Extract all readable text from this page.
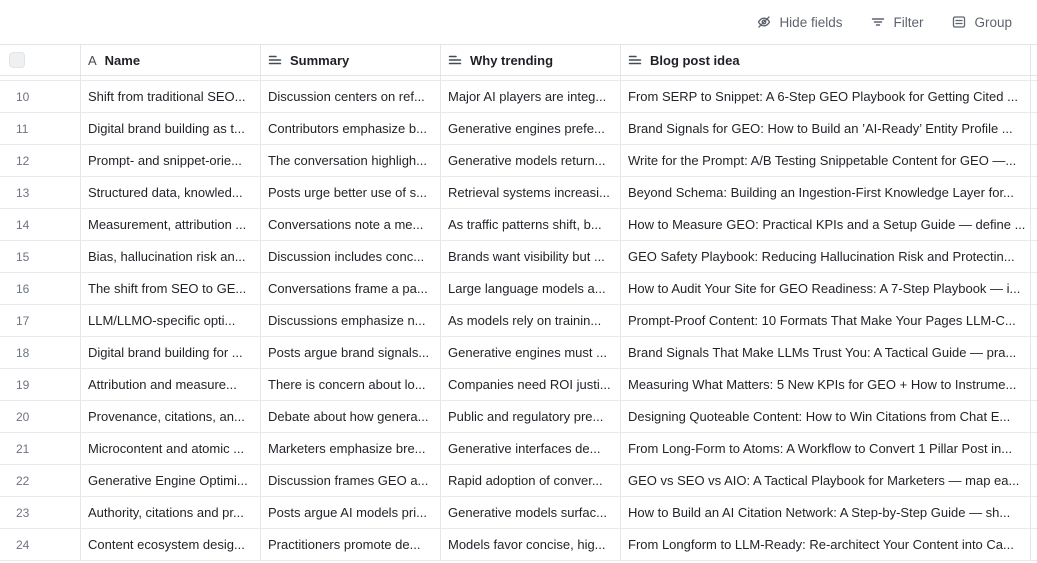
Hide fields	Filter	Group
A Name	Summary	Why trending	Blog post idea
10	Shift from traditional SEO...	Discussion centers on ref...	Major AI players are integ...	From SERP to Snippet: A 6-Step GEO Playbook for Getting Cited ...
11	Digital brand building as t...	Contributors emphasize b...	Generative engines prefe...	Brand Signals for GEO: How to Build an ’AI-Ready’ Entity Profile ...
12	Prompt- and snippet-orie...	The conversation highligh...	Generative models return...	Write for the Prompt: A/B Testing Snippetable Content for GEO —...
13	Structured data, knowled...	Posts urge better use of s...	Retrieval systems increasi...	Beyond Schema: Building an Ingestion-First Knowledge Layer for...
14	Measurement, attribution ...	Conversations note a me...	As traffic patterns shift, b...	How to Measure GEO: Practical KPIs and a Setup Guide — define ...
15	Bias, hallucination risk an...	Discussion includes conc...	Brands want visibility but ...	GEO Safety Playbook: Reducing Hallucination Risk and Protectin...
16	The shift from SEO to GE...	Conversations frame a pa...	Large language models a...	How to Audit Your Site for GEO Readiness: A 7-Step Playbook — i...
17	LLM/LLMO-specific opti...	Discussions emphasize n...	As models rely on trainin...	Prompt-Proof Content: 10 Formats That Make Your Pages LLM-C...
18	Digital brand building for ...	Posts argue brand signals...	Generative engines must ...	Brand Signals That Make LLMs Trust You: A Tactical Guide — pra...
19	Attribution and measure...	There is concern about lo...	Companies need ROI justi...	Measuring What Matters: 5 New KPIs for GEO + How to Instrume...
20	Provenance, citations, an...	Debate about how genera...	Public and regulatory pre...	Designing Quoteable Content: How to Win Citations from Chat E...
21	Microcontent and atomic ...	Marketers emphasize bre...	Generative interfaces de...	From Long-Form to Atoms: A Workflow to Convert 1 Pillar Post in...
22	Generative Engine Optimi...	Discussion frames GEO a...	Rapid adoption of conver...	GEO vs SEO vs AIO: A Tactical Playbook for Marketers — map ea...
23	Authority, citations and pr...	Posts argue AI models pri...	Generative models surfac...	How to Build an AI Citation Network: A Step-by-Step Guide — sh...
24	Content ecosystem desig...	Practitioners promote de...	Models favor concise, hig...	From Longform to LLM-Ready: Re-architect Your Content into Ca...
